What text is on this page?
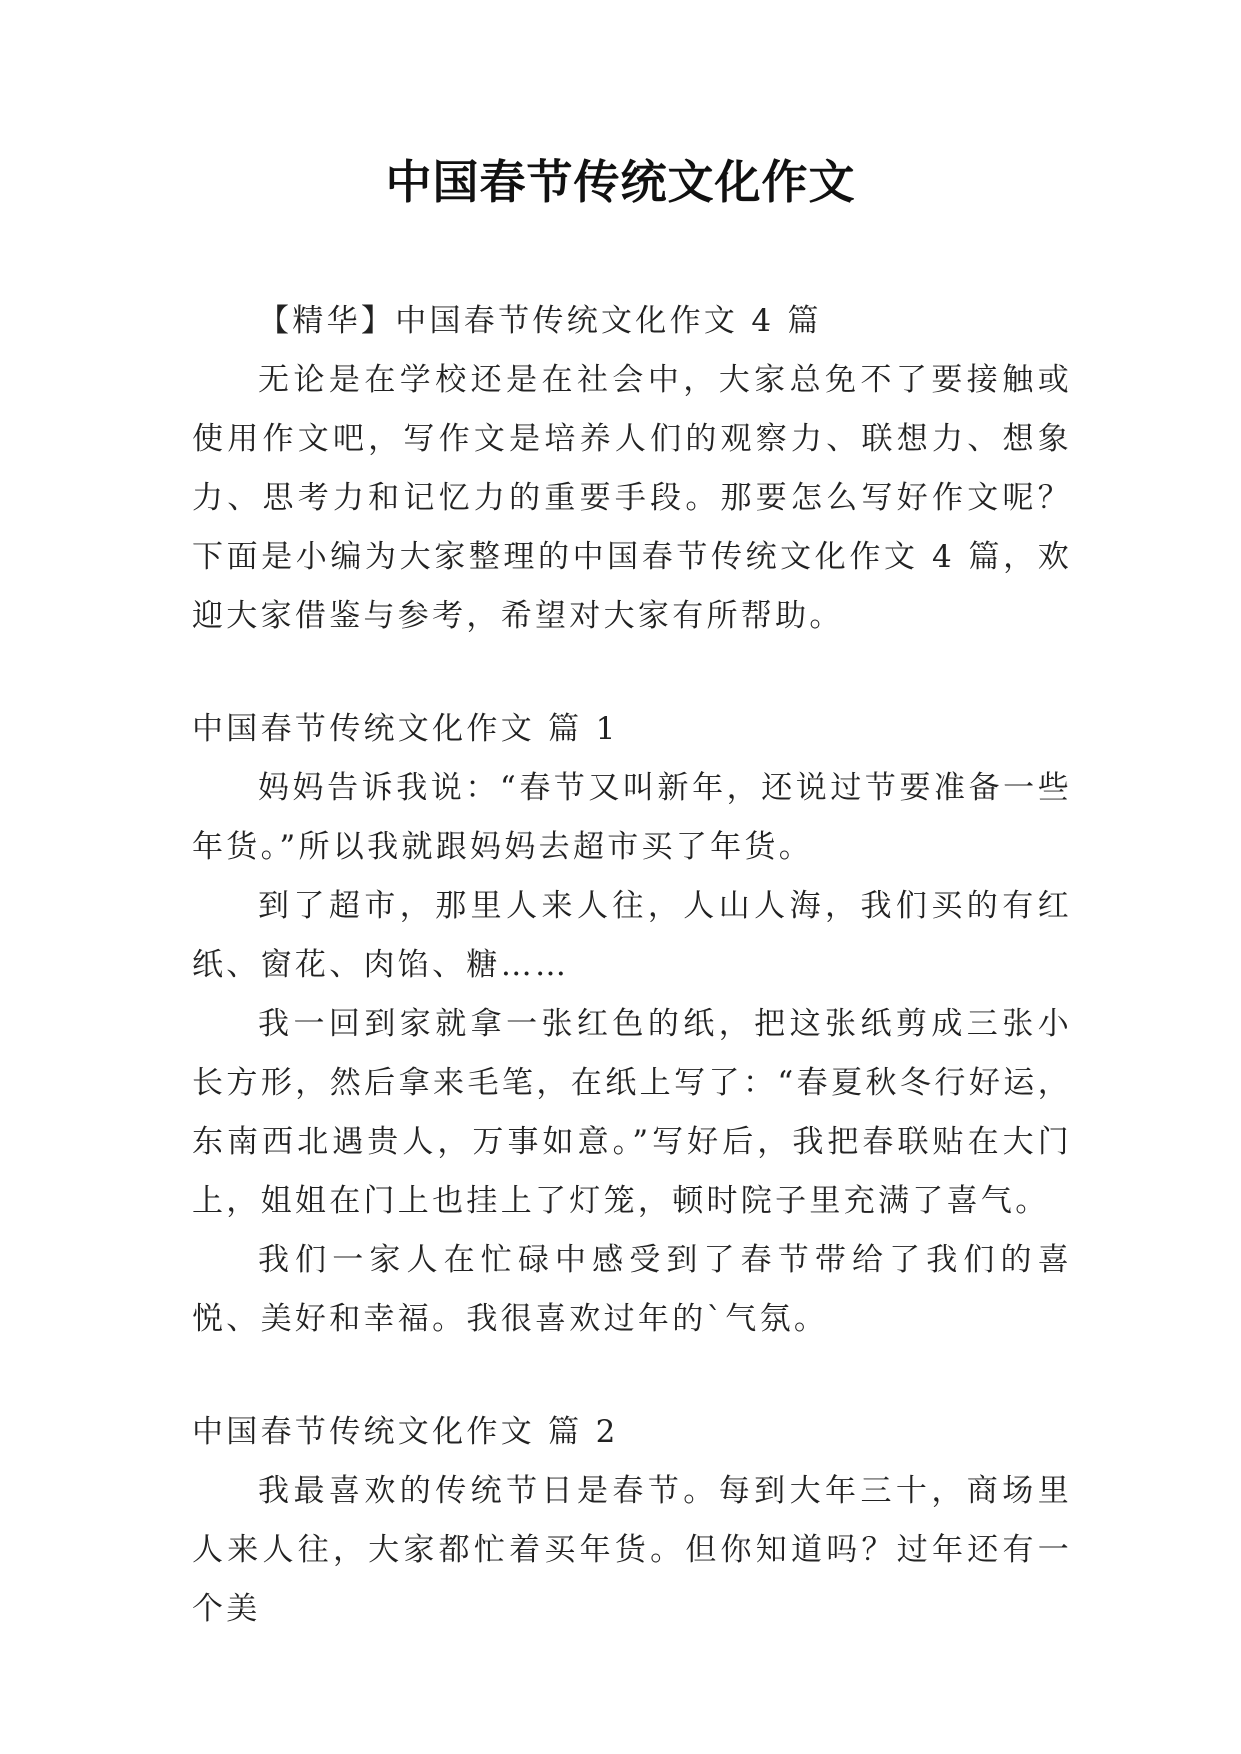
中国春节传统文化作文

【精华】中国春节传统文化作文 4 篇

无论是在学校还是在社会中，大家总免不了要接触或使用作文吧，写作文是培养人们的观察力、联想力、想象力、思考力和记忆力的重要手段。那要怎么写好作文呢？下面是小编为大家整理的中国春节传统文化作文 4 篇，欢迎大家借鉴与参考，希望对大家有所帮助。

中国春节传统文化作文 篇 1

妈妈告诉我说：“春节又叫新年，还说过节要准备一些年货。”所以我就跟妈妈去超市买了年货。

到了超市，那里人来人往，人山人海，我们买的有红纸、窗花、肉馅、糖……

我一回到家就拿一张红色的纸，把这张纸剪成三张小长方形，然后拿来毛笔，在纸上写了：“春夏秋冬行好运，东南西北遇贵人，万事如意。”写好后，我把春联贴在大门上，姐姐在门上也挂上了灯笼，顿时院子里充满了喜气。

我们一家人在忙碌中感受到了春节带给了我们的喜悦、美好和幸福。我很喜欢过年的`气氛。

中国春节传统文化作文 篇 2

我最喜欢的传统节日是春节。每到大年三十，商场里人来人往，大家都忙着买年货。但你知道吗？过年还有一个美
